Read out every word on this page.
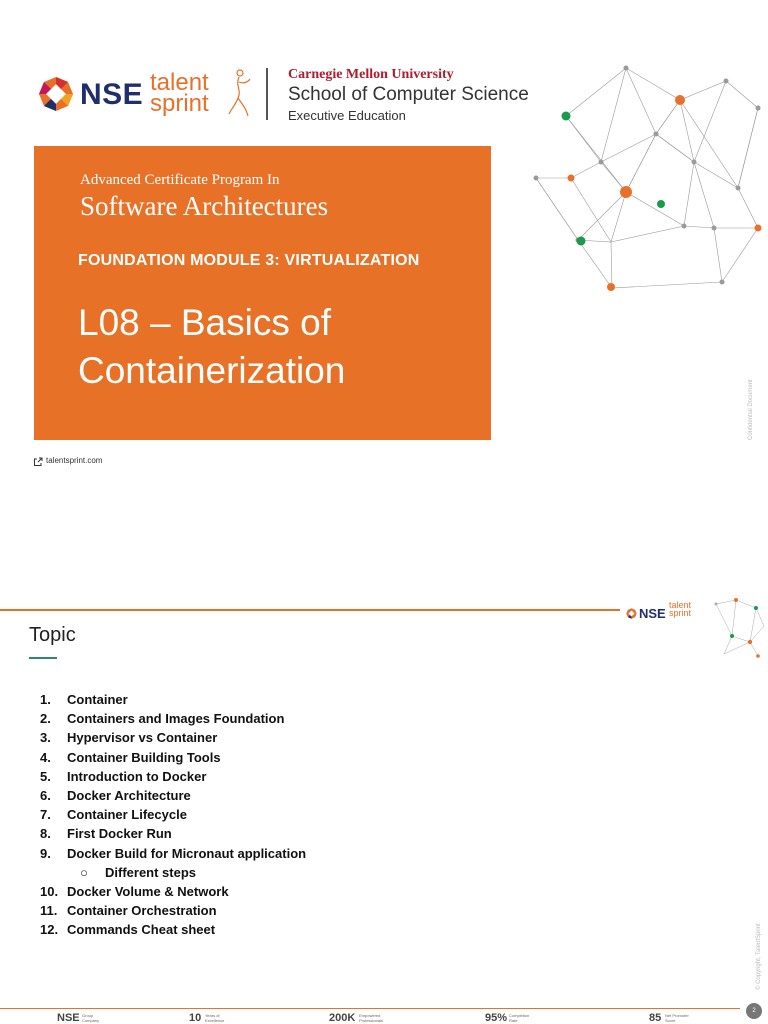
NSE talent
sprint
Carnegie Mellon University
School of Computer Science
Executive Education
Advanced Certificate Program In
Software Architectures
FOUNDATION MODULE 3: VIRTUALIZATION
L08 – Basics of
Containerization
talentsprint.com
Confidential Document
NSE
talent
sprint
Topic
1. Container
2. Containers and Images Foundation
3. Hypervisor vs Container
4. Container Building Tools
5. Introduction to Docker
6. Docker Architecture
7. Container Lifecycle
8. First Docker Run
9. Docker Build for Micronaut application
○ Different steps
10. Docker Volume & Network
11. Container Orchestration
12. Commands Cheat sheet	© Copyright, TalentSprint
NSE Group
Company	10 Years of
Excellence	200K Empowered
Professionals	95% Completion
Rate	85 Net Promoter
Score
2
